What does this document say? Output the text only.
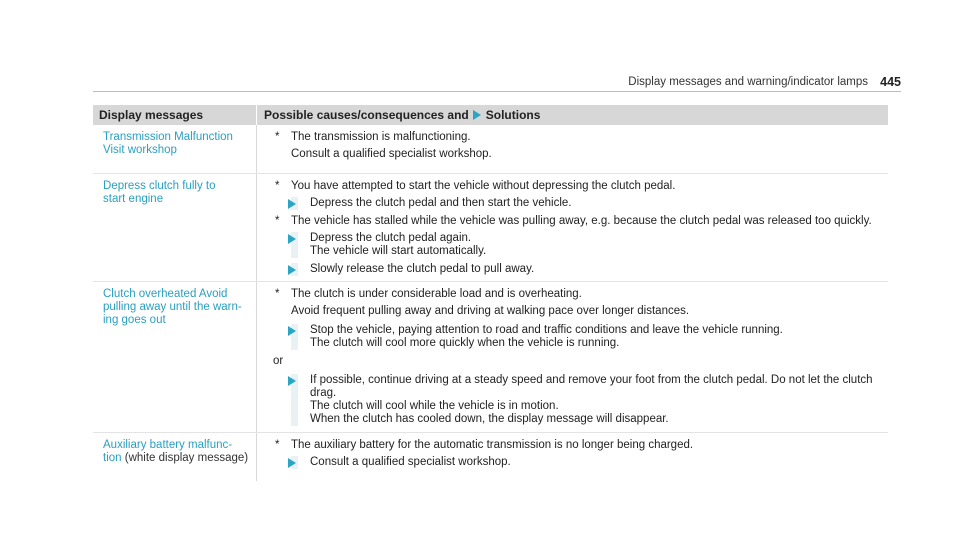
Display messages and warning/indicator lamps 445
Display messages	Possible causes/consequences and Solutions
Transmission Malfunction
Visit workshop
* The transmission is malfunctioning.
Consult a qualified specialist workshop.
Depress clutch fully to
start engine
* You have attempted to start the vehicle without depressing the clutch pedal.
Depress the clutch pedal and then start the vehicle.
* The vehicle has stalled while the vehicle was pulling away, e.g. because the clutch pedal was released too quickly.
Depress the clutch pedal again.
The vehicle will start automatically.
Slowly release the clutch pedal to pull away.
Clutch overheated Avoid
pulling away until the warn-
ing goes out
* The clutch is under considerable load and is overheating.
Avoid frequent pulling away and driving at walking pace over longer distances.
Stop the vehicle, paying attention to road and traffic conditions and leave the vehicle running.
The clutch will cool more quickly when the vehicle is running.
or
If possible, continue driving at a steady speed and remove your foot from the clutch pedal. Do not let the clutch
drag.
The clutch will cool while the vehicle is in motion.
When the clutch has cooled down, the display message will disappear.
Auxiliary battery malfunc-
tion (white display message)
* The auxiliary battery for the automatic transmission is no longer being charged.
Consult a qualified specialist workshop.
